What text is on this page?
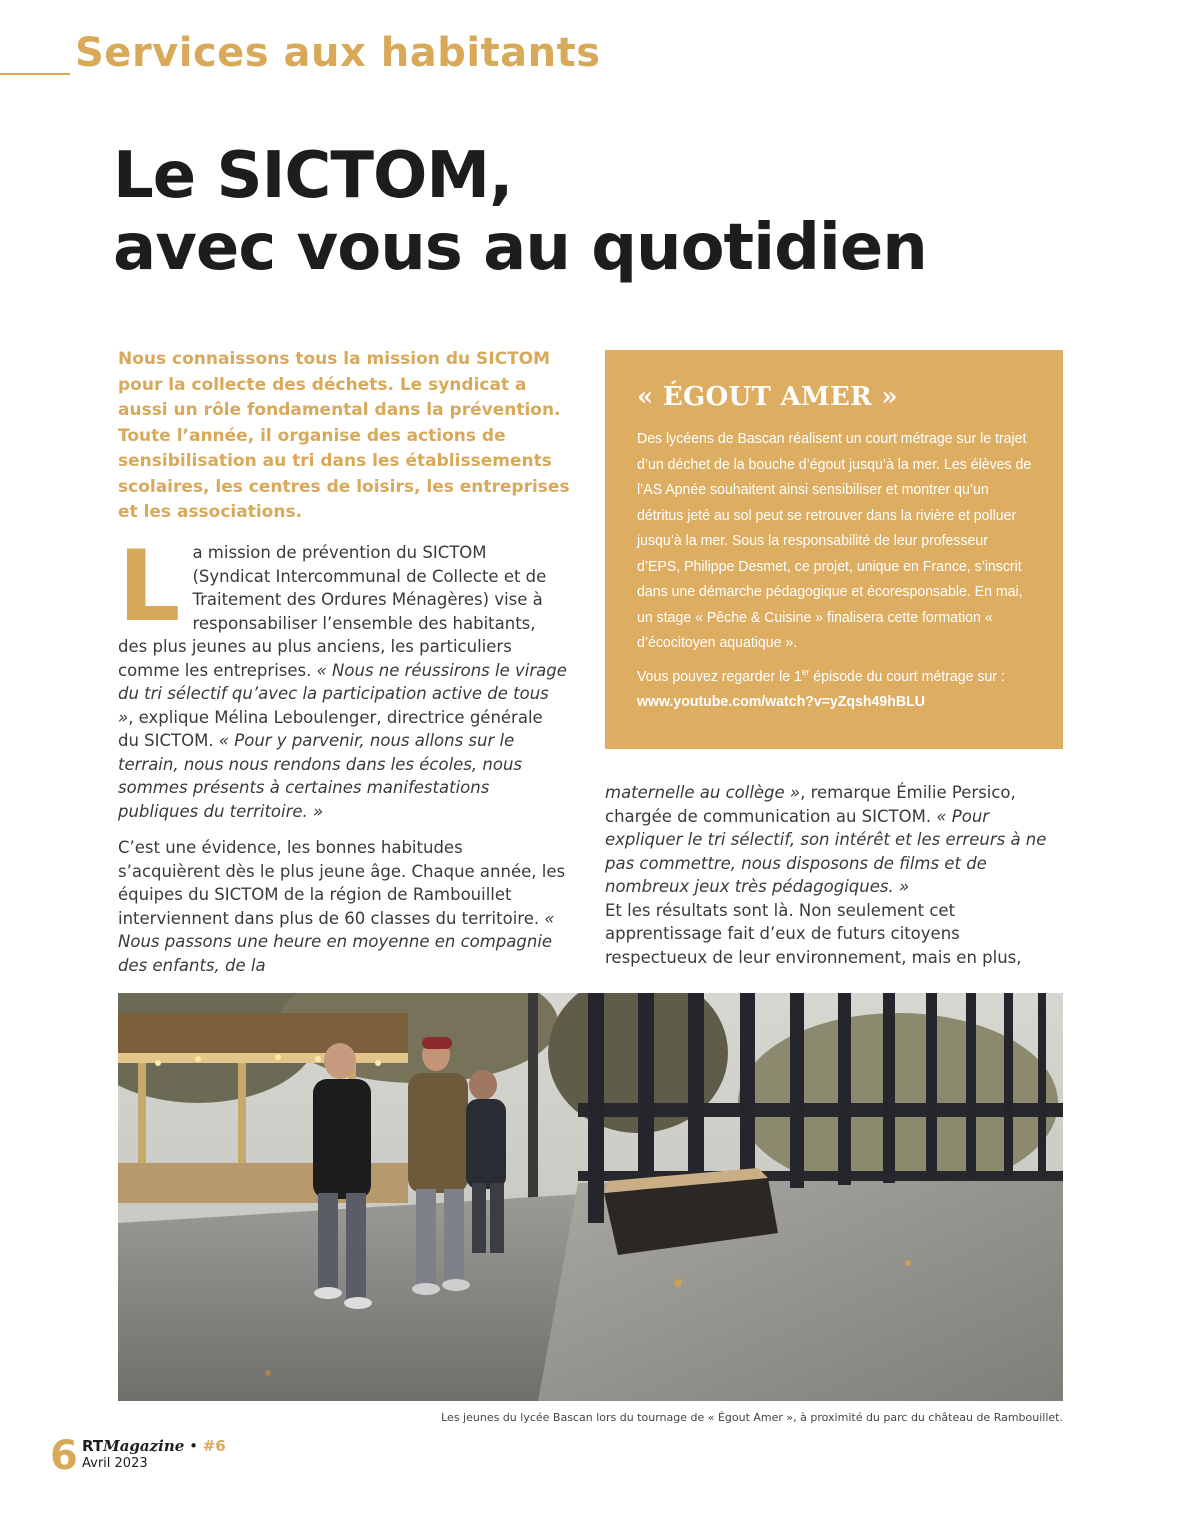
Services aux habitants
Le SICTOM,
avec vous au quotidien
Nous connaissons tous la mission du SICTOM pour la collecte des déchets. Le syndicat a aussi un rôle fondamental dans la prévention. Toute l’année, il organise des actions de sensibilisation au tri dans les établissements scolaires, les centres de loisirs, les entreprises et les associations.

La mission de prévention du SICTOM (Syndicat Intercommunal de Collecte et de Traitement des Ordures Ménagères) vise à responsabiliser l’ensemble des habitants, des plus jeunes au plus anciens, les particuliers comme les entreprises. « Nous ne réussirons le virage du tri sélectif qu’avec la participation active de tous », explique Mélina Leboulenger, directrice générale du SICTOM. « Pour y parvenir, nous allons sur le terrain, nous nous rendons dans les écoles, nous sommes présents à certaines manifestations publiques du territoire. »

C’est une évidence, les bonnes habitudes s’acquièrent dès le plus jeune âge. Chaque année, les équipes du SICTOM de la région de Rambouillet interviennent dans plus de 60 classes du territoire. « Nous passons une heure en moyenne en compagnie des enfants, de la

« ÉGOUT AMER »
Des lycéens de Bascan réalisent un court métrage sur le trajet d’un déchet de la bouche d’égout jusqu’à la mer. Les élèves de l’AS Apnée souhaitent ainsi sensibiliser et montrer qu’un détritus jeté au sol peut se retrouver dans la rivière et polluer jusqu’à la mer. Sous la responsabilité de leur professeur d’EPS, Philippe Desmet, ce projet, unique en France, s’inscrit dans une démarche pédagogique et écoresponsable. En mai, un stage « Pêche & Cuisine » finalisera cette formation « d’écocitoyen aquatique ».
Vous pouvez regarder le 1er épisode du court métrage sur :
www.youtube.com/watch?v=yZqsh49hBLU

maternelle au collège », remarque Émilie Persico, chargée de communication au SICTOM. « Pour expliquer le tri sélectif, son intérêt et les erreurs à ne pas commettre, nous disposons de films et de nombreux jeux très pédagogiques. »

Et les résultats sont là. Non seulement cet apprentissage fait d’eux de futurs citoyens respectueux de leur environnement, mais en plus,

Les jeunes du lycée Bascan lors du tournage de « Égout Amer », à proximité du parc du château de Rambouillet.
6 RTMagazine • #6
Avril 2023
